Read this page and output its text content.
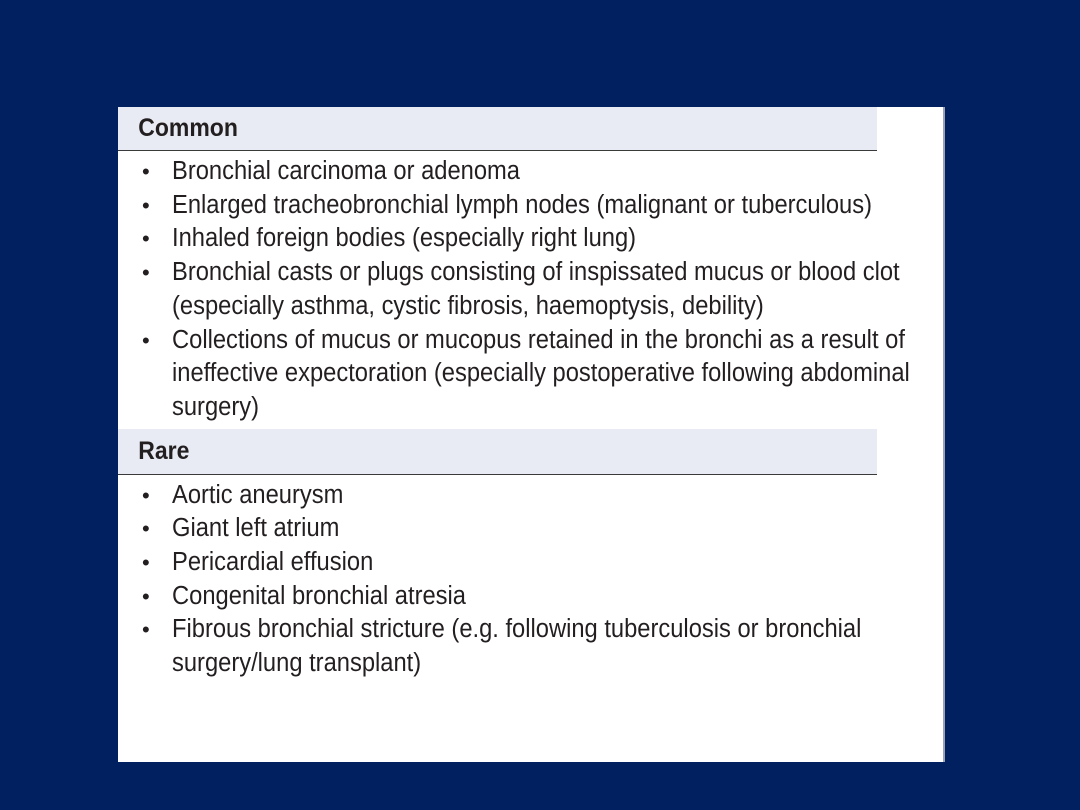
Common
• Bronchial carcinoma or adenoma
• Enlarged tracheobronchial lymph nodes (malignant or tuberculous)
• Inhaled foreign bodies (especially right lung)
• Bronchial casts or plugs consisting of inspissated mucus or blood clot (especially asthma, cystic fibrosis, haemoptysis, debility)
• Collections of mucus or mucopus retained in the bronchi as a result of ineffective expectoration (especially postoperative following abdominal surgery)
Rare
• Aortic aneurysm
• Giant left atrium
• Pericardial effusion
• Congenital bronchial atresia
• Fibrous bronchial stricture (e.g. following tuberculosis or bronchial surgery/lung transplant)
